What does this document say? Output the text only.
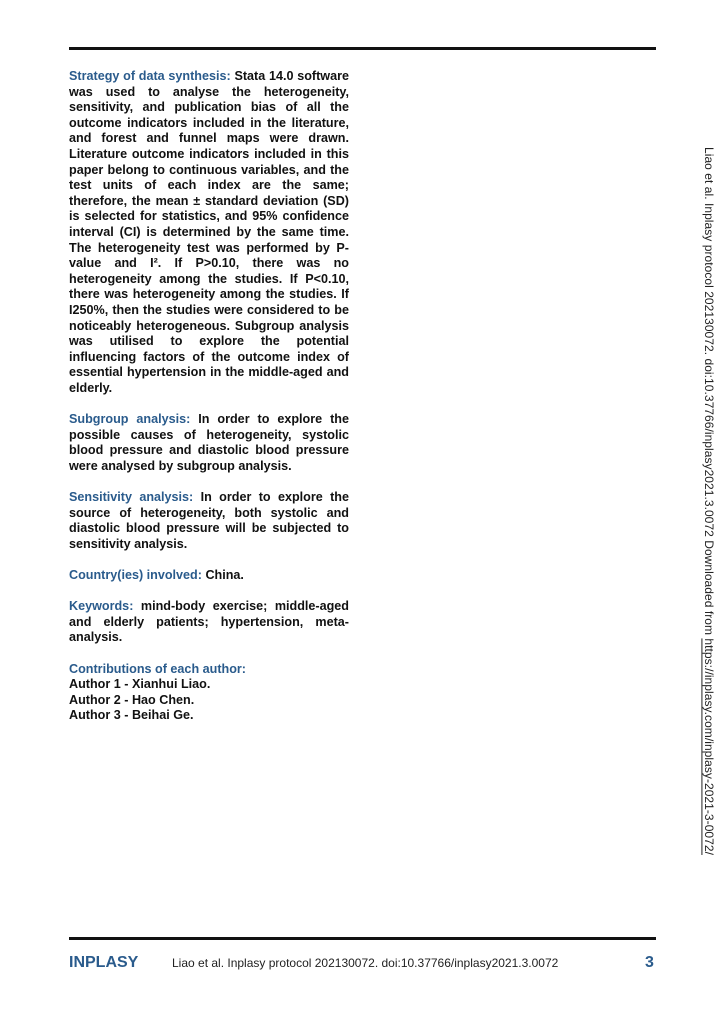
Strategy of data synthesis: Stata 14.0 software was used to analyse the heterogeneity, sensitivity, and publication bias of all the outcome indicators included in the literature, and forest and funnel maps were drawn. Literature outcome indicators included in this paper belong to continuous variables, and the test units of each index are the same; therefore, the mean ± standard deviation (SD) is selected for statistics, and 95% confidence interval (CI) is determined by the same time. The heterogeneity test was performed by P-value and I². If P>0.10, there was no heterogeneity among the studies. If P<0.10, there was heterogeneity among the studies. If I250%, then the studies were considered to be noticeably heterogeneous. Subgroup analysis was utilised to explore the potential influencing factors of the outcome index of essential hypertension in the middle-aged and elderly.

Subgroup analysis: In order to explore the possible causes of heterogeneity, systolic blood pressure and diastolic blood pressure were analysed by subgroup analysis.

Sensitivity analysis: In order to explore the source of heterogeneity, both systolic and diastolic blood pressure will be subjected to sensitivity analysis.

Country(ies) involved: China.

Keywords: mind-body exercise; middle-aged and elderly patients; hypertension, meta-analysis.

Contributions of each author:
Author 1 - Xianhui Liao.
Author 2 - Hao Chen.
Author 3 - Beihai Ge.
Liao et al. Inplasy protocol 202130072. doi:10.37766/inplasy2021.3.0072 Downloaded from https://inplasy.com/inplasy-2021-3-0072/
INPLASY	Liao et al. Inplasy protocol 202130072. doi:10.37766/inplasy2021.3.0072	3
